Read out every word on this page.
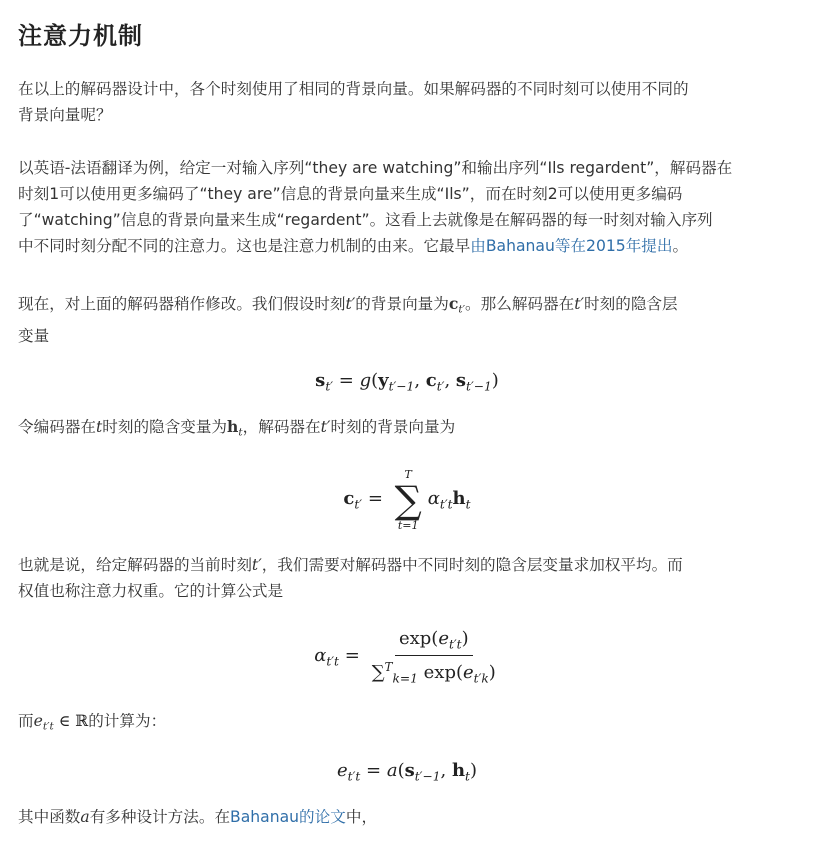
注意力机制

在以上的解码器设计中，各个时刻使用了相同的背景向量。如果解码器的不同时刻可以使用不同的
背景向量呢？

以英语-法语翻译为例，给定一对输入序列“they are watching”和输出序列“Ils regardent”，解码器在
时刻1可以使用更多编码了“they are”信息的背景向量来生成“Ils”，而在时刻2可以使用更多编码
了“watching”信息的背景向量来生成“regardent”。这看上去就像是在解码器的每一时刻对输入序列
中不同时刻分配不同的注意力。这也是注意力机制的由来。它最早由Bahanau等在2015年提出。

现在，对上面的解码器稍作修改。我们假设时刻t′的背景向量为$c_{t'}$。那么解码器在t′时刻的隐含层
变量

$s_{t'} = g(y_{t'-1}$, $c_{t'}$, $s_{t'-1}$)

令编码器在t时刻的隐含变量为$h_t$，解码器在t′时刻的背景向量为

$c_{t'}$ =
T
∑
t=1
$\alpha_{t't}h_t$

也就是说，给定解码器的当前时刻t′，我们需要对解码器中不同时刻的隐含层变量求加权平均。而
权值也称注意力权重。它的计算公式是

$\alpha_{t't} = \frac{\exp(e_{t't})}{\sum^T_{k=1} \exp(e_{t'k})}$

而$e_{t't}$ ∈ ℝ的计算为：

$e_{t't} = a(s_{t'-1}$, $h_t$)

其中函数a有多种设计方法。在Bahanau的论文中，
